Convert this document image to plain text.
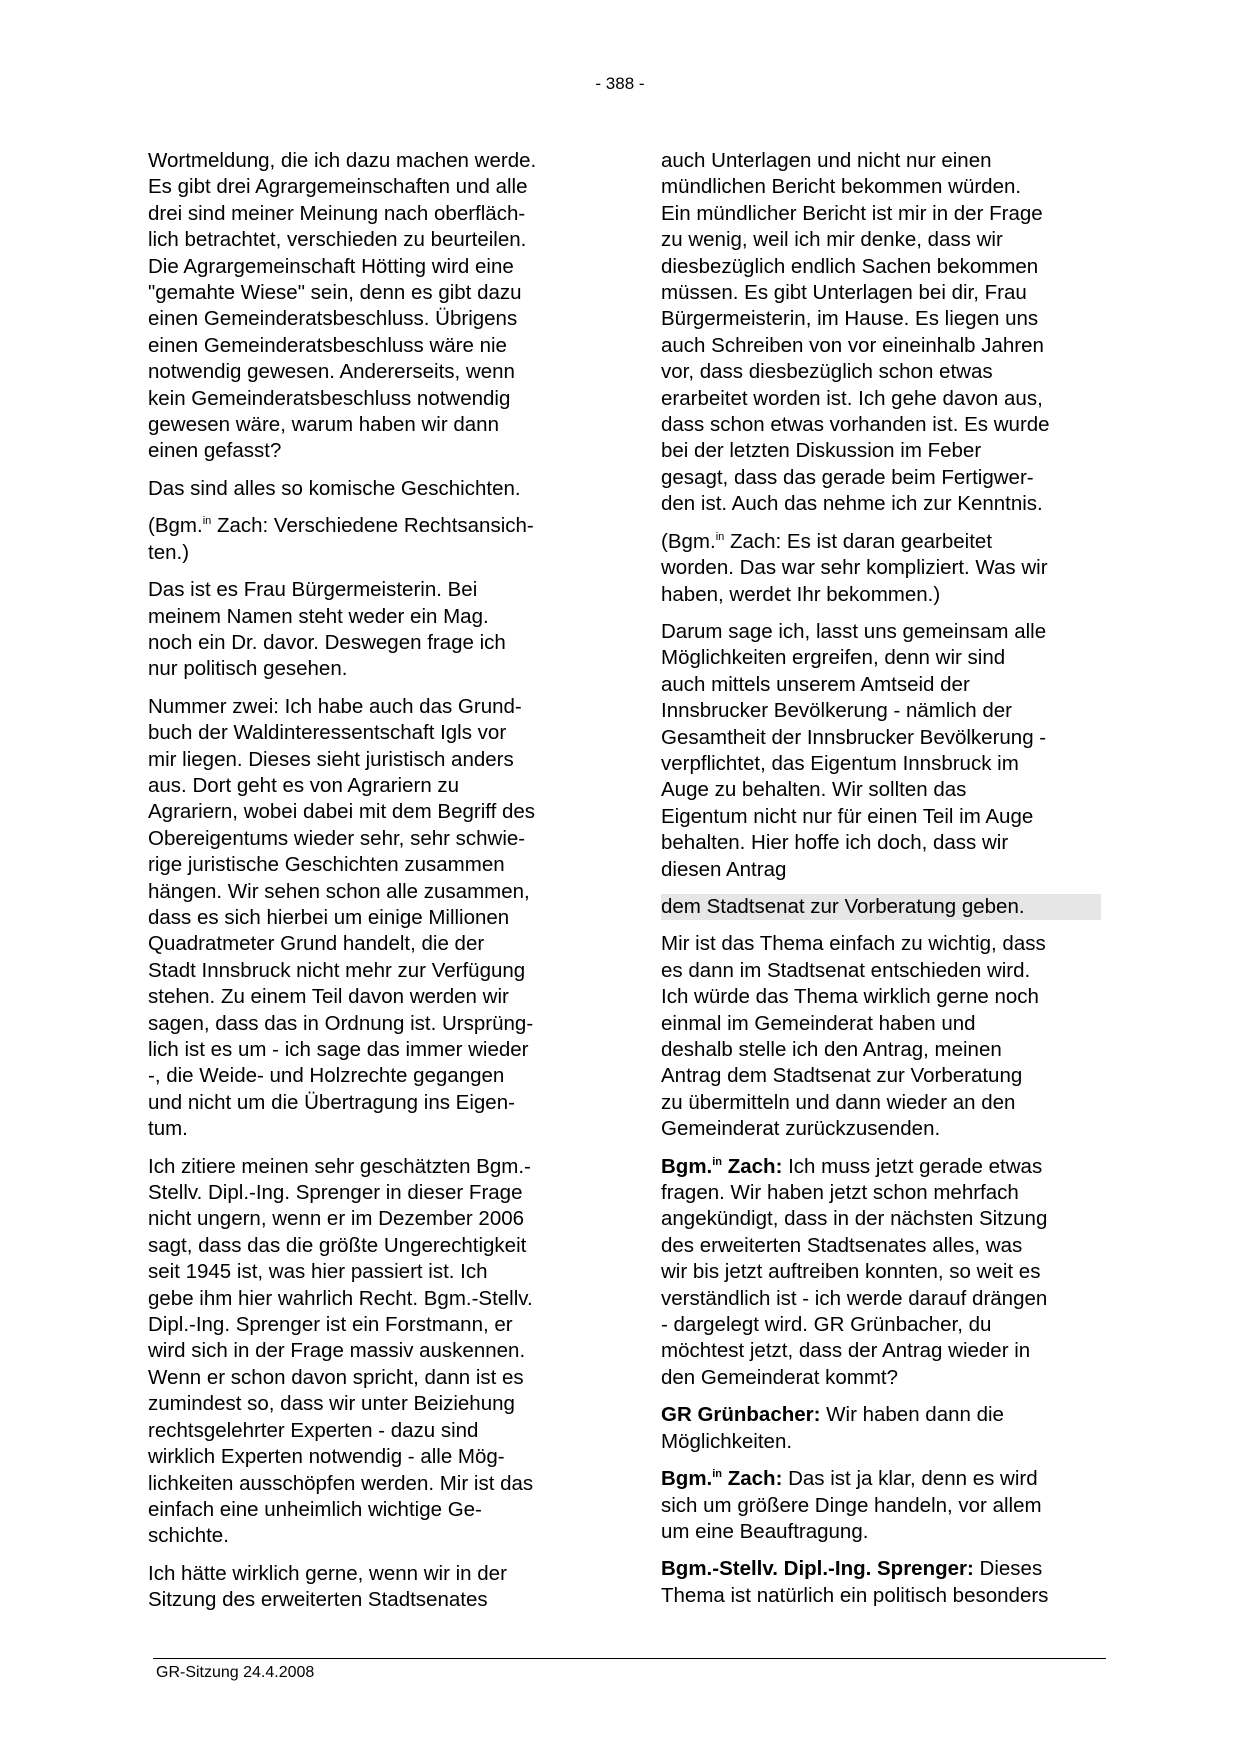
- 388 -
Wortmeldung, die ich dazu machen werde.
Es gibt drei Agrargemeinschaften und alle
drei sind meiner Meinung nach oberfläch-
lich betrachtet, verschieden zu beurteilen.
Die Agrargemeinschaft Hötting wird eine
"gemahte Wiese" sein, denn es gibt dazu
einen Gemeinderatsbeschluss. Übrigens
einen Gemeinderatsbeschluss wäre nie
notwendig gewesen. Andererseits, wenn
kein Gemeinderatsbeschluss notwendig
gewesen wäre, warum haben wir dann
einen gefasst?
Das sind alles so komische Geschichten.
(Bgm.$^{in}$ Zach: Verschiedene Rechtsansich-
ten.)
Das ist es Frau Bürgermeisterin. Bei
meinem Namen steht weder ein Mag.
noch ein Dr. davor. Deswegen frage ich
nur politisch gesehen.
Nummer zwei: Ich habe auch das Grund-
buch der Waldinteressentschaft Igls vor
mir liegen. Dieses sieht juristisch anders
aus. Dort geht es von Agrariern zu
Agrariern, wobei dabei mit dem Begriff des
Obereigentums wieder sehr, sehr schwie-
rige juristische Geschichten zusammen
hängen. Wir sehen schon alle zusammen,
dass es sich hierbei um einige Millionen
Quadratmeter Grund handelt, die der
Stadt Innsbruck nicht mehr zur Verfügung
stehen. Zu einem Teil davon werden wir
sagen, dass das in Ordnung ist. Ursprüng-
lich ist es um - ich sage das immer wieder
-, die Weide- und Holzrechte gegangen
und nicht um die Übertragung ins Eigen-
tum.
Ich zitiere meinen sehr geschätzten Bgm.-
Stellv. Dipl.-Ing. Sprenger in dieser Frage
nicht ungern, wenn er im Dezember 2006
sagt, dass das die größte Ungerechtigkeit
seit 1945 ist, was hier passiert ist. Ich
gebe ihm hier wahrlich Recht. Bgm.-Stellv.
Dipl.-Ing. Sprenger ist ein Forstmann, er
wird sich in der Frage massiv auskennen.
Wenn er schon davon spricht, dann ist es
zumindest so, dass wir unter Beiziehung
rechtsgelehrter Experten - dazu sind
wirklich Experten notwendig - alle Mög-
lichkeiten ausschöpfen werden. Mir ist das
einfach eine unheimlich wichtige Ge-
schichte.
Ich hätte wirklich gerne, wenn wir in der
Sitzung des erweiterten Stadtsenates
auch Unterlagen und nicht nur einen
mündlichen Bericht bekommen würden.
Ein mündlicher Bericht ist mir in der Frage
zu wenig, weil ich mir denke, dass wir
diesbezüglich endlich Sachen bekommen
müssen. Es gibt Unterlagen bei dir, Frau
Bürgermeisterin, im Hause. Es liegen uns
auch Schreiben von vor eineinhalb Jahren
vor, dass diesbezüglich schon etwas
erarbeitet worden ist. Ich gehe davon aus,
dass schon etwas vorhanden ist. Es wurde
bei der letzten Diskussion im Feber
gesagt, dass das gerade beim Fertigwer-
den ist. Auch das nehme ich zur Kenntnis.
(Bgm.$^{in}$ Zach: Es ist daran gearbeitet
worden. Das war sehr kompliziert. Was wir
haben, werdet Ihr bekommen.)
Darum sage ich, lasst uns gemeinsam alle
Möglichkeiten ergreifen, denn wir sind
auch mittels unserem Amtseid der
Innsbrucker Bevölkerung - nämlich der
Gesamtheit der Innsbrucker Bevölkerung -
verpflichtet, das Eigentum Innsbruck im
Auge zu behalten. Wir sollten das
Eigentum nicht nur für einen Teil im Auge
behalten. Hier hoffe ich doch, dass wir
diesen Antrag
dem Stadtsenat zur Vorberatung geben.
Mir ist das Thema einfach zu wichtig, dass
es dann im Stadtsenat entschieden wird.
Ich würde das Thema wirklich gerne noch
einmal im Gemeinderat haben und
deshalb stelle ich den Antrag, meinen
Antrag dem Stadtsenat zur Vorberatung
zu übermitteln und dann wieder an den
Gemeinderat zurückzusenden.
Bgm.$^{in}$ Zach: Ich muss jetzt gerade etwas
fragen. Wir haben jetzt schon mehrfach
angekündigt, dass in der nächsten Sitzung
des erweiterten Stadtsenates alles, was
wir bis jetzt auftreiben konnten, so weit es
verständlich ist - ich werde darauf drängen
- dargelegt wird. GR Grünbacher, du
möchtest jetzt, dass der Antrag wieder in
den Gemeinderat kommt?
GR Grünbacher: Wir haben dann die
Möglichkeiten.
Bgm.$^{in}$ Zach: Das ist ja klar, denn es wird
sich um größere Dinge handeln, vor allem
um eine Beauftragung.
Bgm.-Stellv. Dipl.-Ing. Sprenger: Dieses
Thema ist natürlich ein politisch besonders
GR-Sitzung 24.4.2008
